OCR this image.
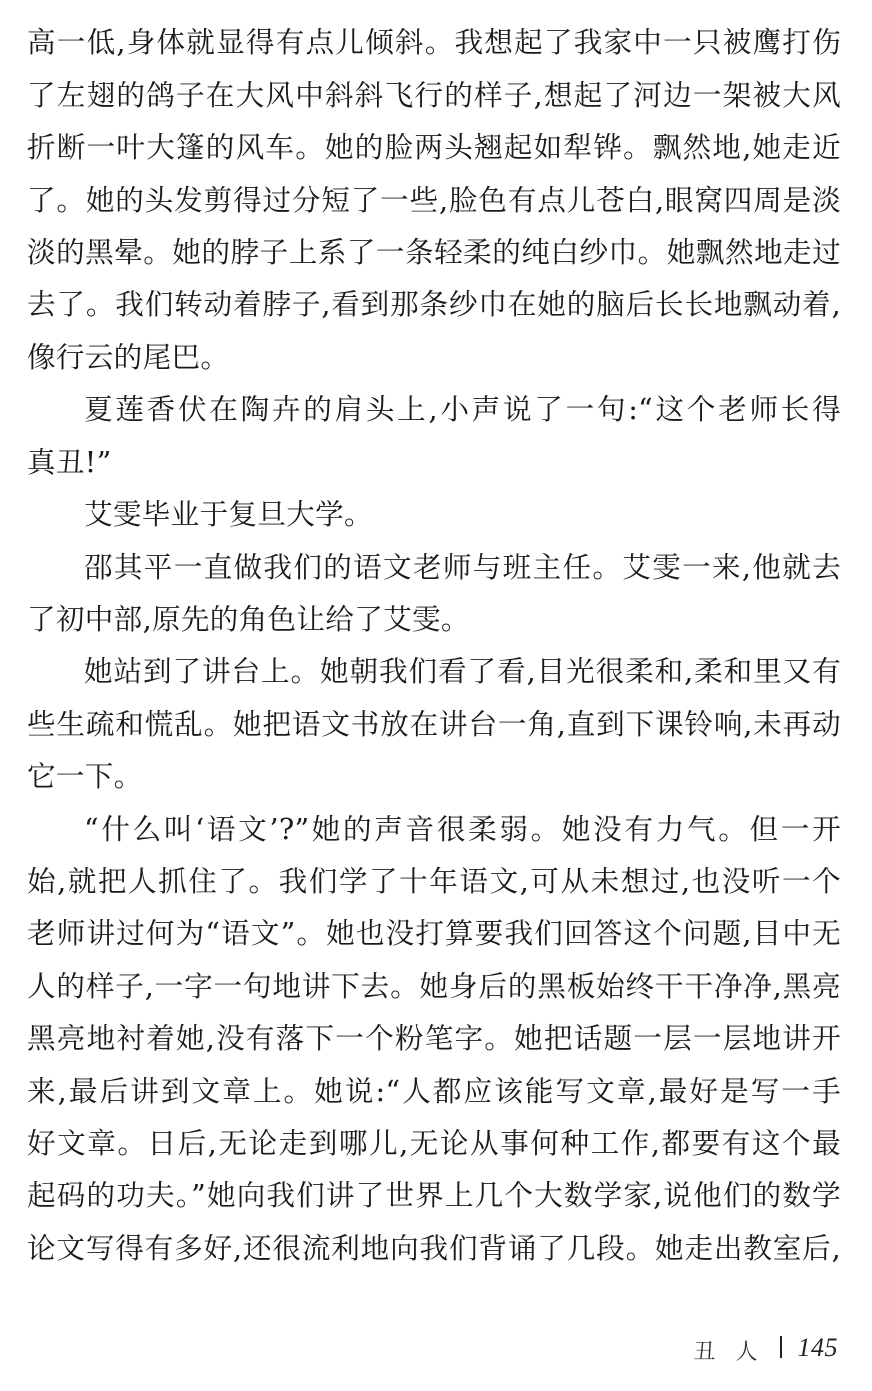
高一低,身体就显得有点儿倾斜。我想起了我家中一只被鹰打伤
了左翅的鸽子在大风中斜斜飞行的样子,想起了河边一架被大风
折断一叶大篷的风车。她的脸两头翘起如犁铧。飘然地,她走近
了。她的头发剪得过分短了一些,脸色有点儿苍白,眼窝四周是淡
淡的黑晕。她的脖子上系了一条轻柔的纯白纱巾。她飘然地走过
去了。我们转动着脖子,看到那条纱巾在她的脑后长长地飘动着,
像行云的尾巴。
夏莲香伏在陶卉的肩头上,小声说了一句:“这个老师长得
真丑!”
艾雯毕业于复旦大学。
邵其平一直做我们的语文老师与班主任。艾雯一来,他就去
了初中部,原先的角色让给了艾雯。
她站到了讲台上。她朝我们看了看,目光很柔和,柔和里又有
些生疏和慌乱。她把语文书放在讲台一角,直到下课铃响,未再动
它一下。
“什么叫‘语文’?”她的声音很柔弱。她没有力气。但一开
始,就把人抓住了。我们学了十年语文,可从未想过,也没听一个
老师讲过何为“语文”。她也没打算要我们回答这个问题,目中无
人的样子,一字一句地讲下去。她身后的黑板始终干干净净,黑亮
黑亮地衬着她,没有落下一个粉笔字。她把话题一层一层地讲开
来,最后讲到文章上。她说:“人都应该能写文章,最好是写一手
好文章。日后,无论走到哪儿,无论从事何种工作,都要有这个最
起码的功夫。”她向我们讲了世界上几个大数学家,说他们的数学
论文写得有多好,还很流利地向我们背诵了几段。她走出教室后,
丑人 145
